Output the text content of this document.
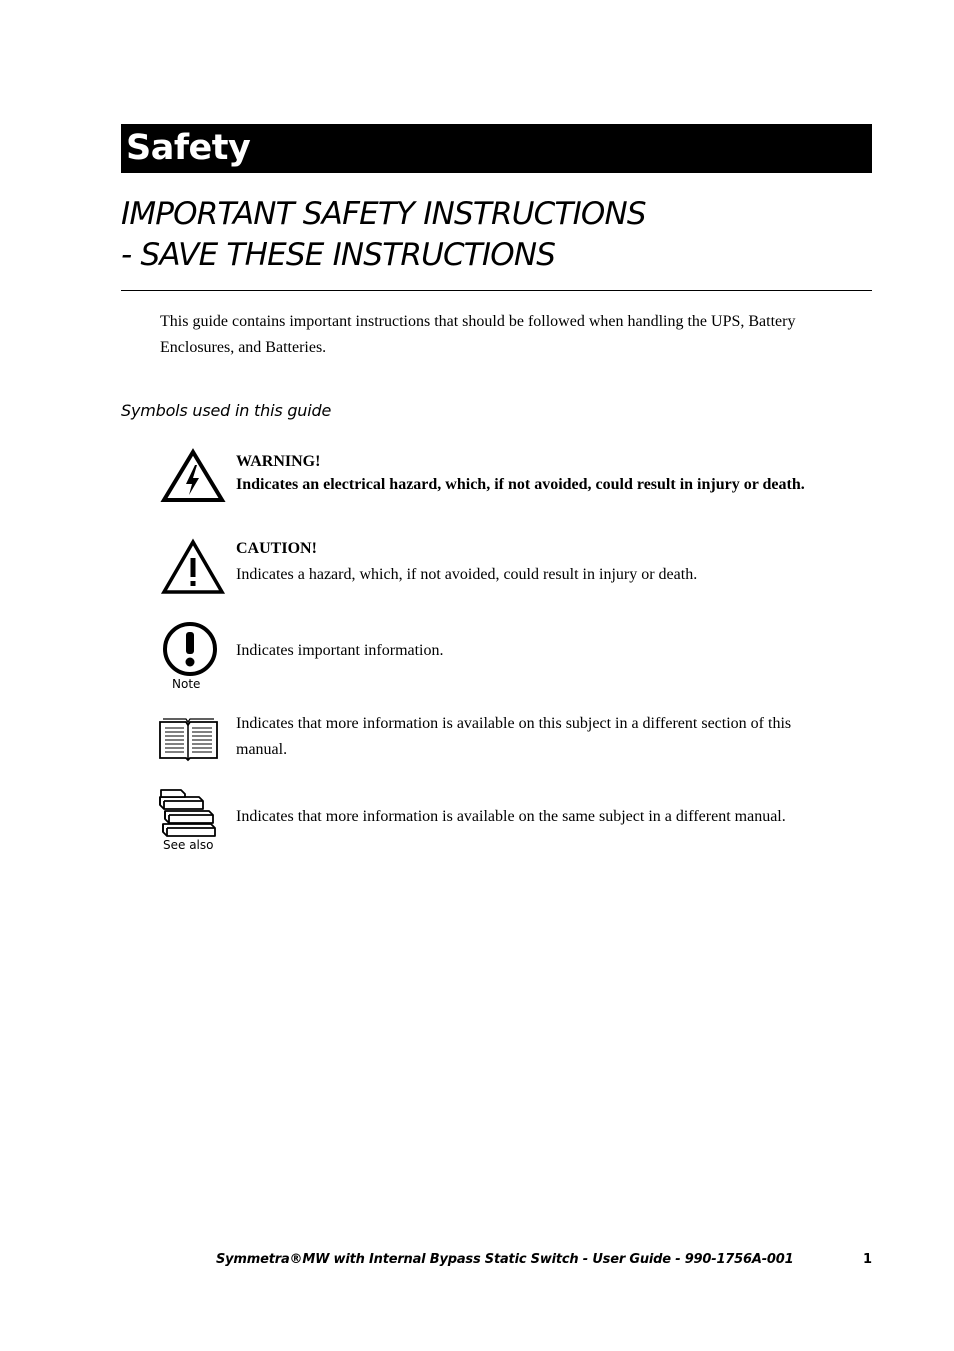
Safety
IMPORTANT SAFETY INSTRUCTIONS
- SAVE THESE INSTRUCTIONS

This guide contains important instructions that should be followed when handling the UPS, Battery
Enclosures, and Batteries.

Symbols used in this guide
WARNING!
Indicates an electrical hazard, which, if not avoided, could result in injury or death.
CAUTION!
Indicates a hazard, which, if not avoided, could result in injury or death.
Note
Indicates important information.
Indicates that more information is available on this subject in a different section of this
manual.
See also
Indicates that more information is available on the same subject in a different manual.
Symmetra®MW with Internal Bypass Static Switch - User Guide - 990-1756A-001	1
